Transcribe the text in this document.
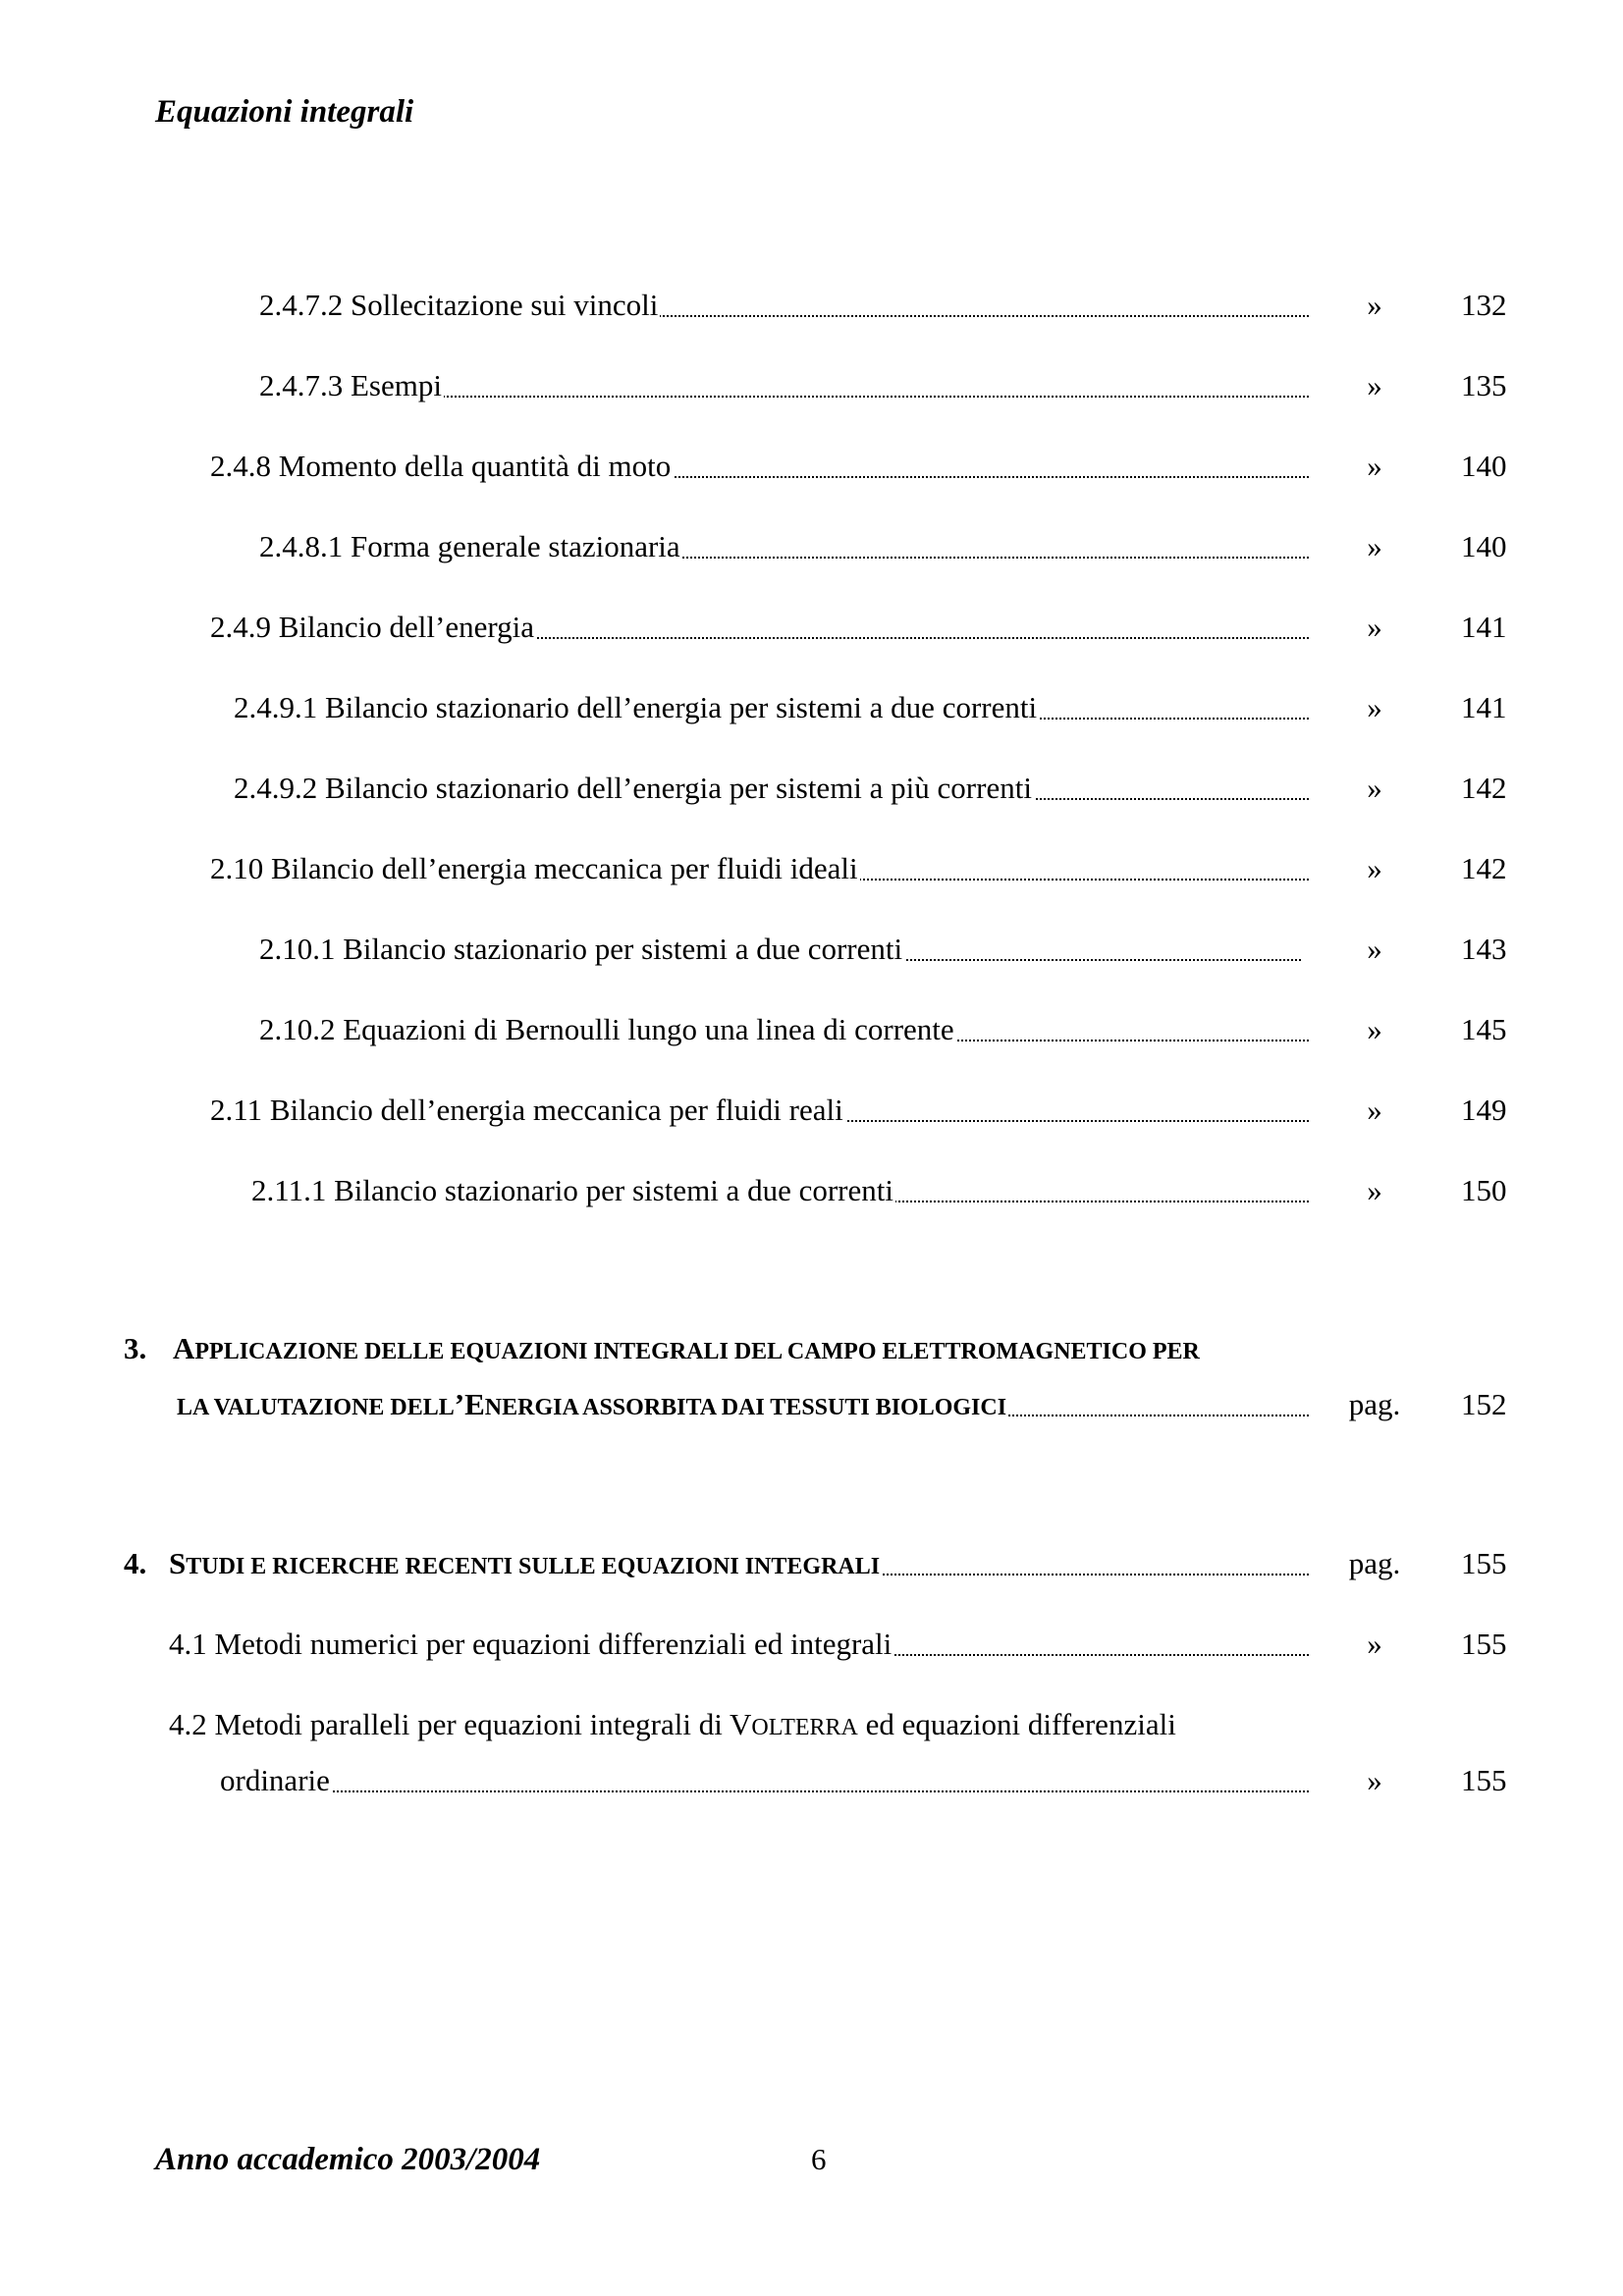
Equazioni integrali
2.4.7.2 Sollecitazione sui vincoli	»	132
2.4.7.3 Esempi	»	135
2.4.8 Momento della quantità di moto	»	140
2.4.8.1 Forma generale stazionaria	»	140
2.4.9 Bilancio dell’energia	»	141
2.4.9.1 Bilancio stazionario dell’energia per sistemi a due correnti	»	141
2.4.9.2 Bilancio stazionario dell’energia per sistemi a più correnti	»	142
2.10 Bilancio dell’energia meccanica per fluidi ideali	»	142
2.10.1 Bilancio stazionario per sistemi a due correnti	»	143
2.10.2 Equazioni di Bernoulli lungo una linea di corrente	»	145
2.11 Bilancio dell’energia meccanica per fluidi reali	»	149
2.11.1 Bilancio stazionario per sistemi a due correnti	»	150
3. APPLICAZIONE DELLE EQUAZIONI INTEGRALI DEL CAMPO ELETTROMAGNETICO PER
LA VALUTAZIONE DELL’ENERGIA ASSORBITA DAI TESSUTI BIOLOGICI	pag. 152
4. STUDI E RICERCHE RECENTI SULLE EQUAZIONI INTEGRALI	pag. 155
4.1 Metodi numerici per equazioni differenziali ed integrali	»	155
4.2 Metodi paralleli per equazioni integrali di VOLTERRA ed equazioni differenziali
ordinarie	»	155
Anno accademico 2003/2004	6
